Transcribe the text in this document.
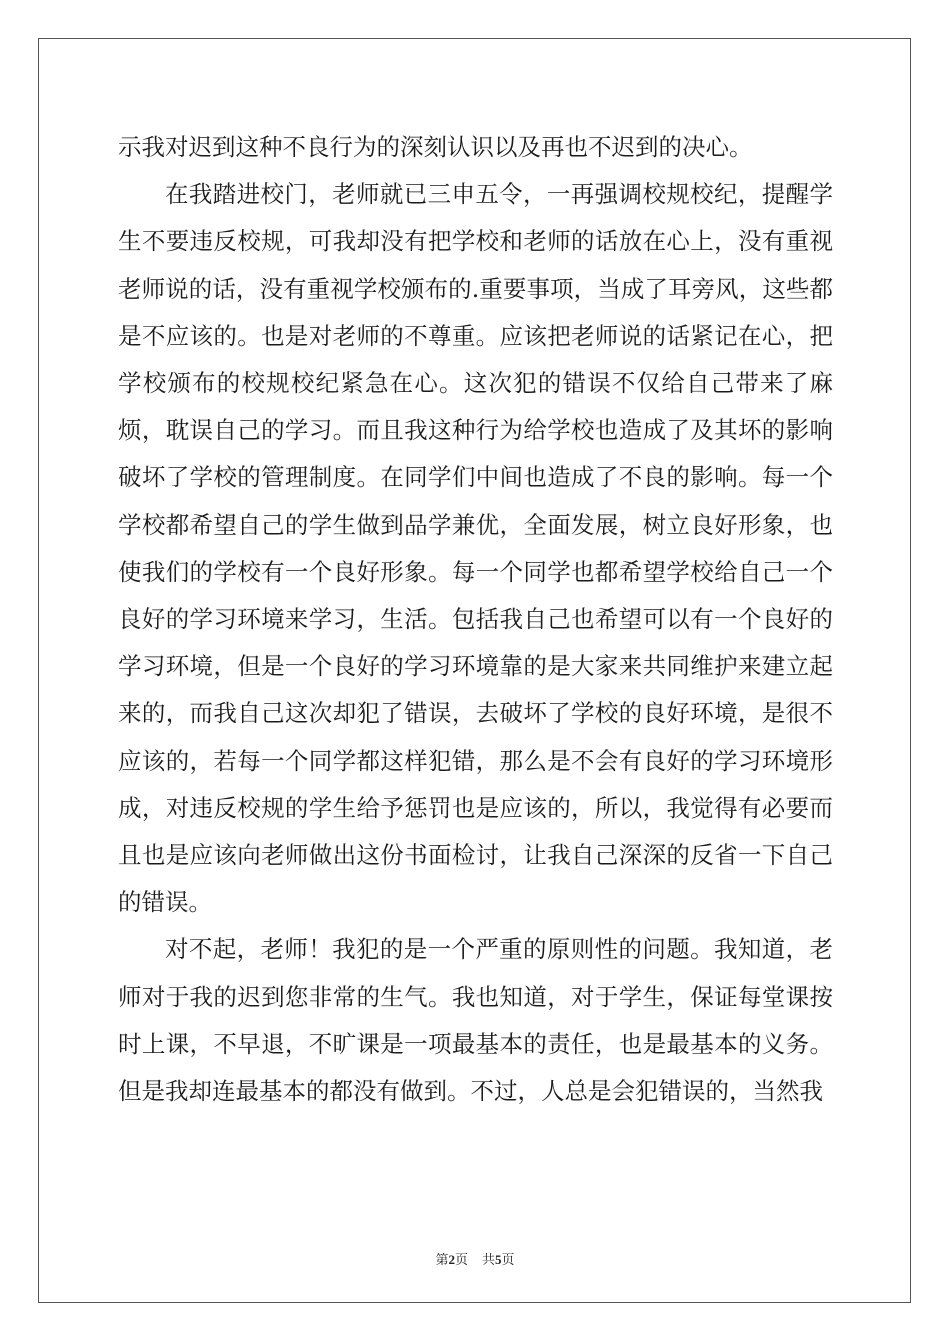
示我对迟到这种不良行为的深刻认识以及再也不迟到的决心。

在我踏进校门，老师就已三申五令，一再强调校规校纪，提醒学生不要违反校规，可我却没有把学校和老师的话放在心上，没有重视老师说的话，没有重视学校颁布的.重要事项，当成了耳旁风，这些都是不应该的。也是对老师的不尊重。应该把老师说的话紧记在心，把学校颁布的校规校纪紧急在心。这次犯的错误不仅给自己带来了麻烦，耽误自己的学习。而且我这种行为给学校也造成了及其坏的影响破坏了学校的管理制度。在同学们中间也造成了不良的影响。每一个学校都希望自己的学生做到品学兼优，全面发展，树立良好形象，也使我们的学校有一个良好形象。每一个同学也都希望学校给自己一个良好的学习环境来学习，生活。包括我自己也希望可以有一个良好的学习环境，但是一个良好的学习环境靠的是大家来共同维护来建立起来的，而我自己这次却犯了错误，去破坏了学校的良好环境，是很不应该的，若每一个同学都这样犯错，那么是不会有良好的学习环境形成，对违反校规的学生给予惩罚也是应该的，所以，我觉得有必要而且也是应该向老师做出这份书面检讨，让我自己深深的反省一下自己的错误。

对不起，老师！我犯的是一个严重的原则性的问题。我知道，老师对于我的迟到您非常的生气。我也知道，对于学生，保证每堂课按时上课，不早退，不旷课是一项最基本的责任，也是最基本的义务。但是我却连最基本的都没有做到。不过，人总是会犯错误的，当然我

第2页 共5页
